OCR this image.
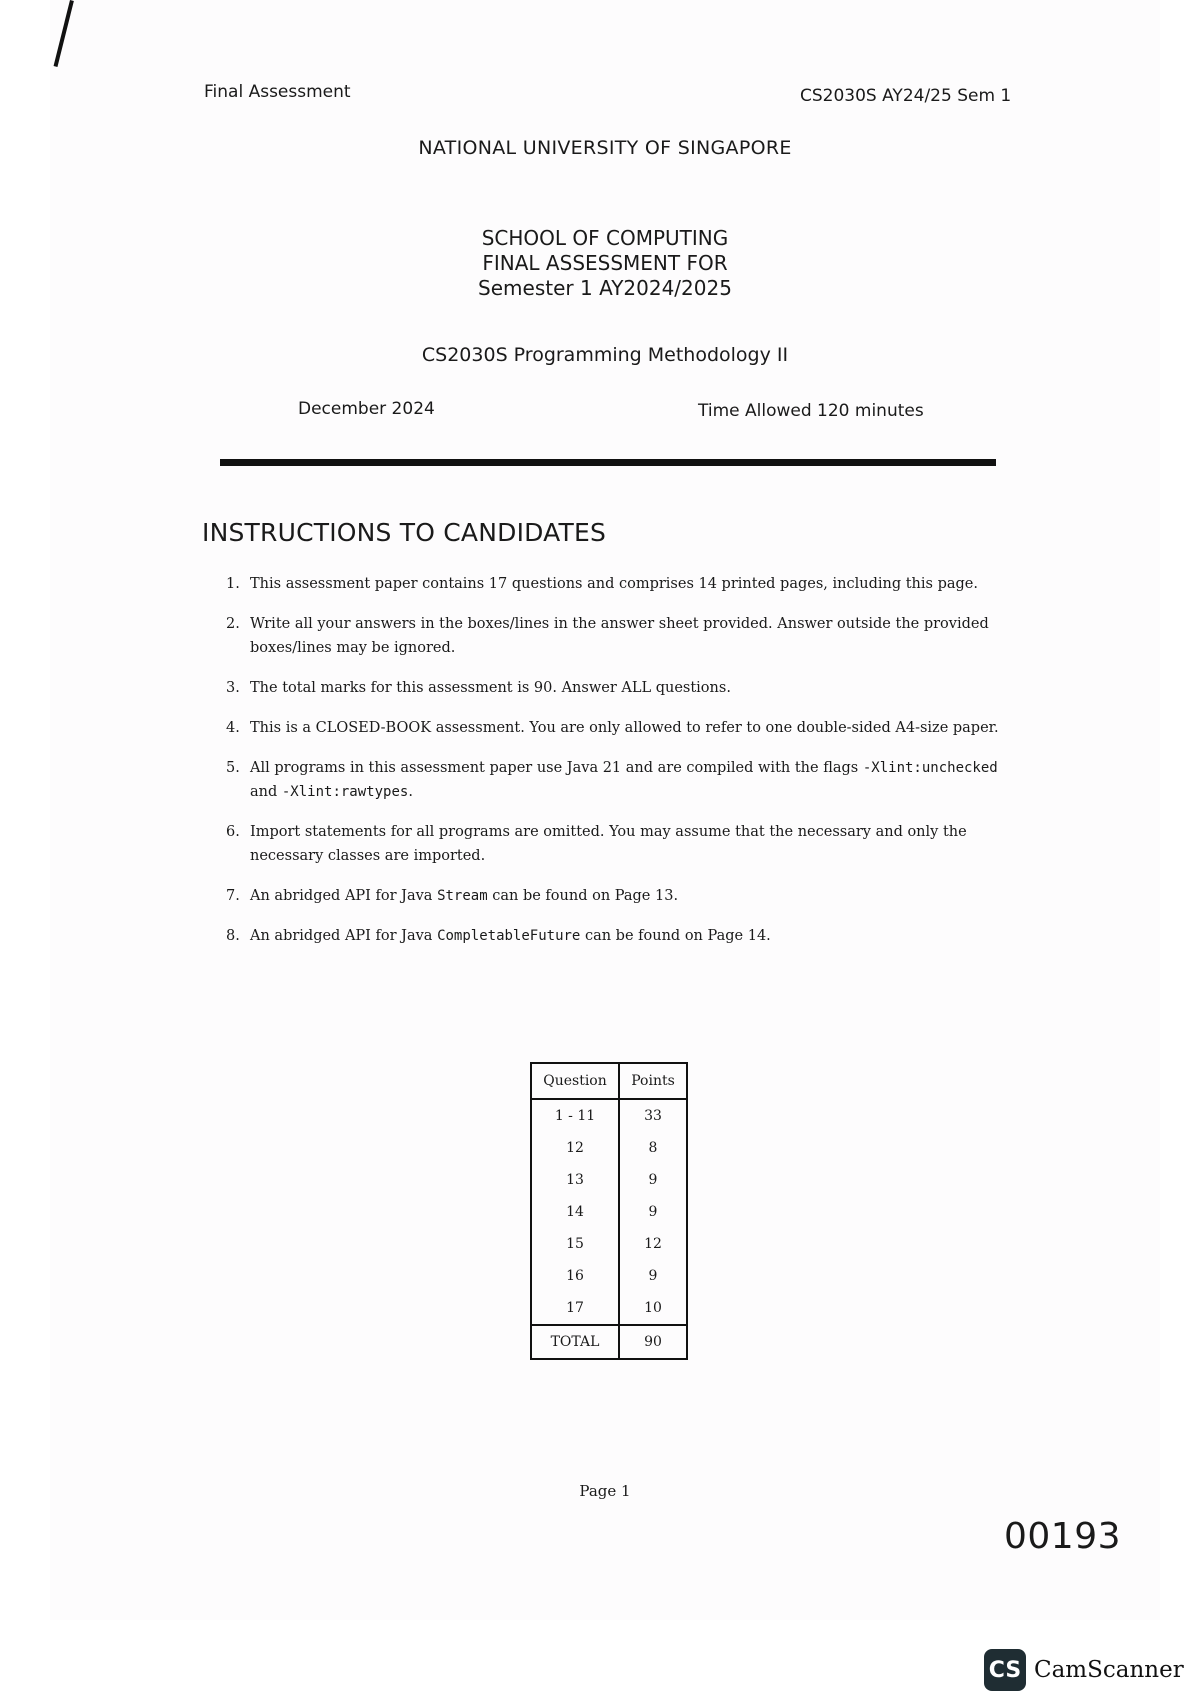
Final Assessment	CS2030S AY24/25 Sem 1
NATIONAL UNIVERSITY OF SINGAPORE
SCHOOL OF COMPUTING
FINAL ASSESSMENT FOR
Semester 1 AY2024/2025
CS2030S Programming Methodology II
December 2024	Time Allowed 120 minutes
INSTRUCTIONS TO CANDIDATES
1. This assessment paper contains 17 questions and comprises 14 printed pages, including this page.
2. Write all your answers in the boxes/lines in the answer sheet provided. Answer outside the provided boxes/lines may be ignored.
3. The total marks for this assessment is 90. Answer ALL questions.
4. This is a CLOSED-BOOK assessment. You are only allowed to refer to one double-sided A4-size paper.
5. All programs in this assessment paper use Java 21 and are compiled with the flags -Xlint:unchecked and -Xlint:rawtypes.
6. Import statements for all programs are omitted. You may assume that the necessary and only the necessary classes are imported.
7. An abridged API for Java Stream can be found on Page 13.
8. An abridged API for Java CompletableFuture can be found on Page 14.
Question	Points
1 - 11	33
12	8
13	9
14	9
15	12
16	9
17	10
TOTAL	90
Page 1
00193
CS CamScanner
